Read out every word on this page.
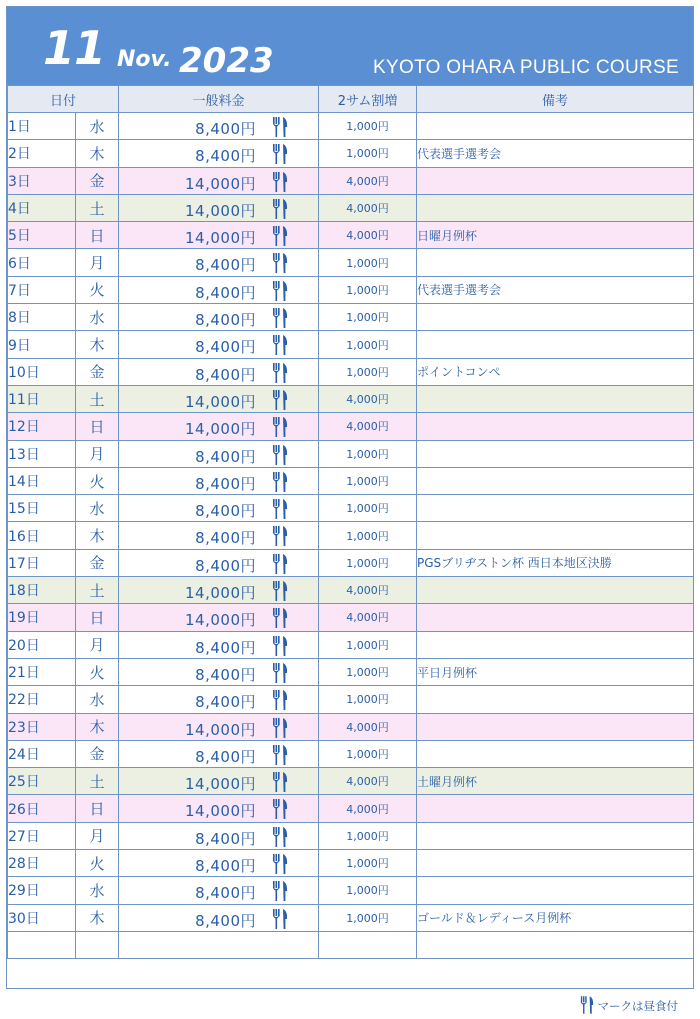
11 Nov. 2023	KYOTO OHARA PUBLIC COURSE
日付		一般料金	2サム割増	備考
1日	水	8,400円	1,000円	
2日	木	8,400円	1,000円	代表選手選考会
3日	金	14,000円	4,000円	
4日	土	14,000円	4,000円	
5日	日	14,000円	4,000円	日曜月例杯
6日	月	8,400円	1,000円	
7日	火	8,400円	1,000円	代表選手選考会
8日	水	8,400円	1,000円	
9日	木	8,400円	1,000円	
10日	金	8,400円	1,000円	ポイントコンペ
11日	土	14,000円	4,000円	
12日	日	14,000円	4,000円	
13日	月	8,400円	1,000円	
14日	火	8,400円	1,000円	
15日	水	8,400円	1,000円	
16日	木	8,400円	1,000円	
17日	金	8,400円	1,000円	PGSブリヂストン杯 西日本地区決勝
18日	土	14,000円	4,000円	
19日	日	14,000円	4,000円	
20日	月	8,400円	1,000円	
21日	火	8,400円	1,000円	平日月例杯
22日	水	8,400円	1,000円	
23日	木	14,000円	4,000円	
24日	金	8,400円	1,000円	
25日	土	14,000円	4,000円	土曜月例杯
26日	日	14,000円	4,000円	
27日	月	8,400円	1,000円	
28日	火	8,400円	1,000円	
29日	水	8,400円	1,000円	
30日	木	8,400円	1,000円	ゴールド＆レディース月例杯

マークは昼食付
